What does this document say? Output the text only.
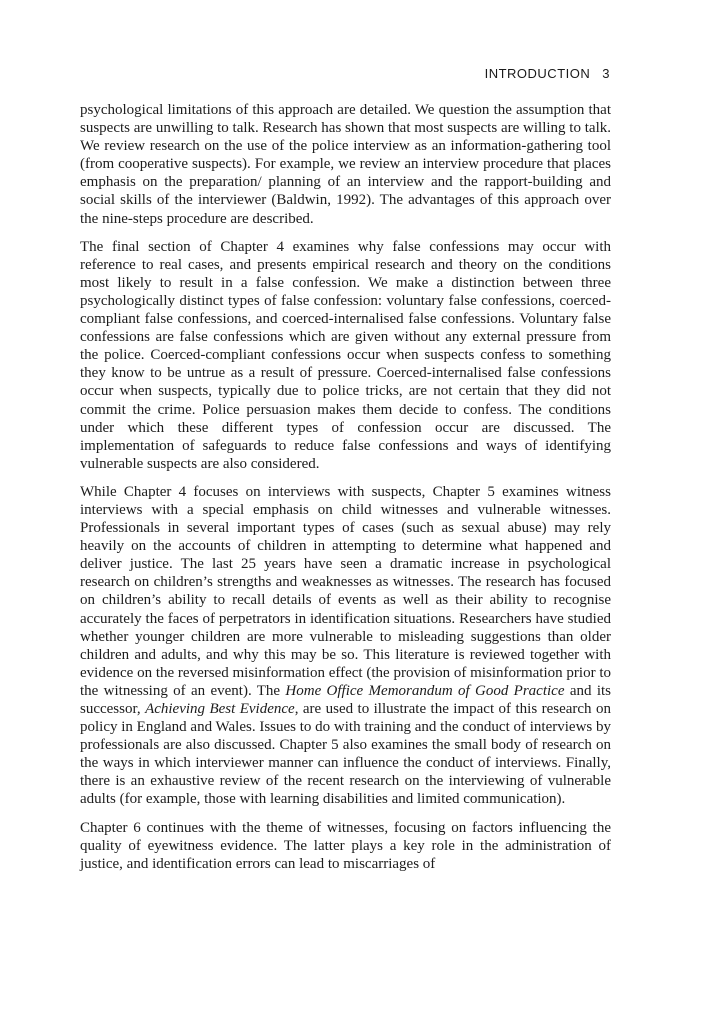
INTRODUCTION 3

psychological limitations of this approach are detailed. We question the assumption that suspects are unwilling to talk. Research has shown that most suspects are willing to talk. We review research on the use of the police interview as an information-gathering tool (from cooperative suspects). For example, we review an interview procedure that places emphasis on the preparation/ planning of an interview and the rapport-building and social skills of the interviewer (Baldwin, 1992). The advantages of this approach over the nine-steps procedure are described.

The final section of Chapter 4 examines why false confessions may occur with reference to real cases, and presents empirical research and theory on the conditions most likely to result in a false confession. We make a distinction between three psychologically distinct types of false confession: voluntary false confessions, coerced-compliant false confessions, and coerced-internalised false confessions. Voluntary false confessions are false confessions which are given without any external pressure from the police. Coerced-compliant confessions occur when suspects confess to something they know to be untrue as a result of pressure. Coerced-internalised false confessions occur when suspects, typically due to police tricks, are not certain that they did not commit the crime. Police persuasion makes them decide to confess. The conditions under which these different types of confession occur are discussed. The implementation of safeguards to reduce false confessions and ways of identifying vulnerable suspects are also considered.

While Chapter 4 focuses on interviews with suspects, Chapter 5 examines witness interviews with a special emphasis on child witnesses and vulnerable witnesses. Professionals in several important types of cases (such as sexual abuse) may rely heavily on the accounts of children in attempting to determine what happened and deliver justice. The last 25 years have seen a dramatic increase in psychological research on children’s strengths and weaknesses as witnesses. The research has focused on children’s ability to recall details of events as well as their ability to recognise accurately the faces of perpetrators in identification situations. Researchers have studied whether younger children are more vulnerable to misleading suggestions than older children and adults, and why this may be so. This literature is reviewed together with evidence on the reversed misinformation effect (the provision of misinformation prior to the witnessing of an event). The Home Office Memorandum of Good Practice and its successor, Achieving Best Evidence, are used to illustrate the impact of this research on policy in England and Wales. Issues to do with training and the conduct of interviews by professionals are also discussed. Chapter 5 also examines the small body of research on the ways in which interviewer manner can influence the conduct of interviews. Finally, there is an exhaustive review of the recent research on the interviewing of vulnerable adults (for example, those with learning disabilities and limited communication).

Chapter 6 continues with the theme of witnesses, focusing on factors influencing the quality of eyewitness evidence. The latter plays a key role in the administration of justice, and identification errors can lead to miscarriages of
